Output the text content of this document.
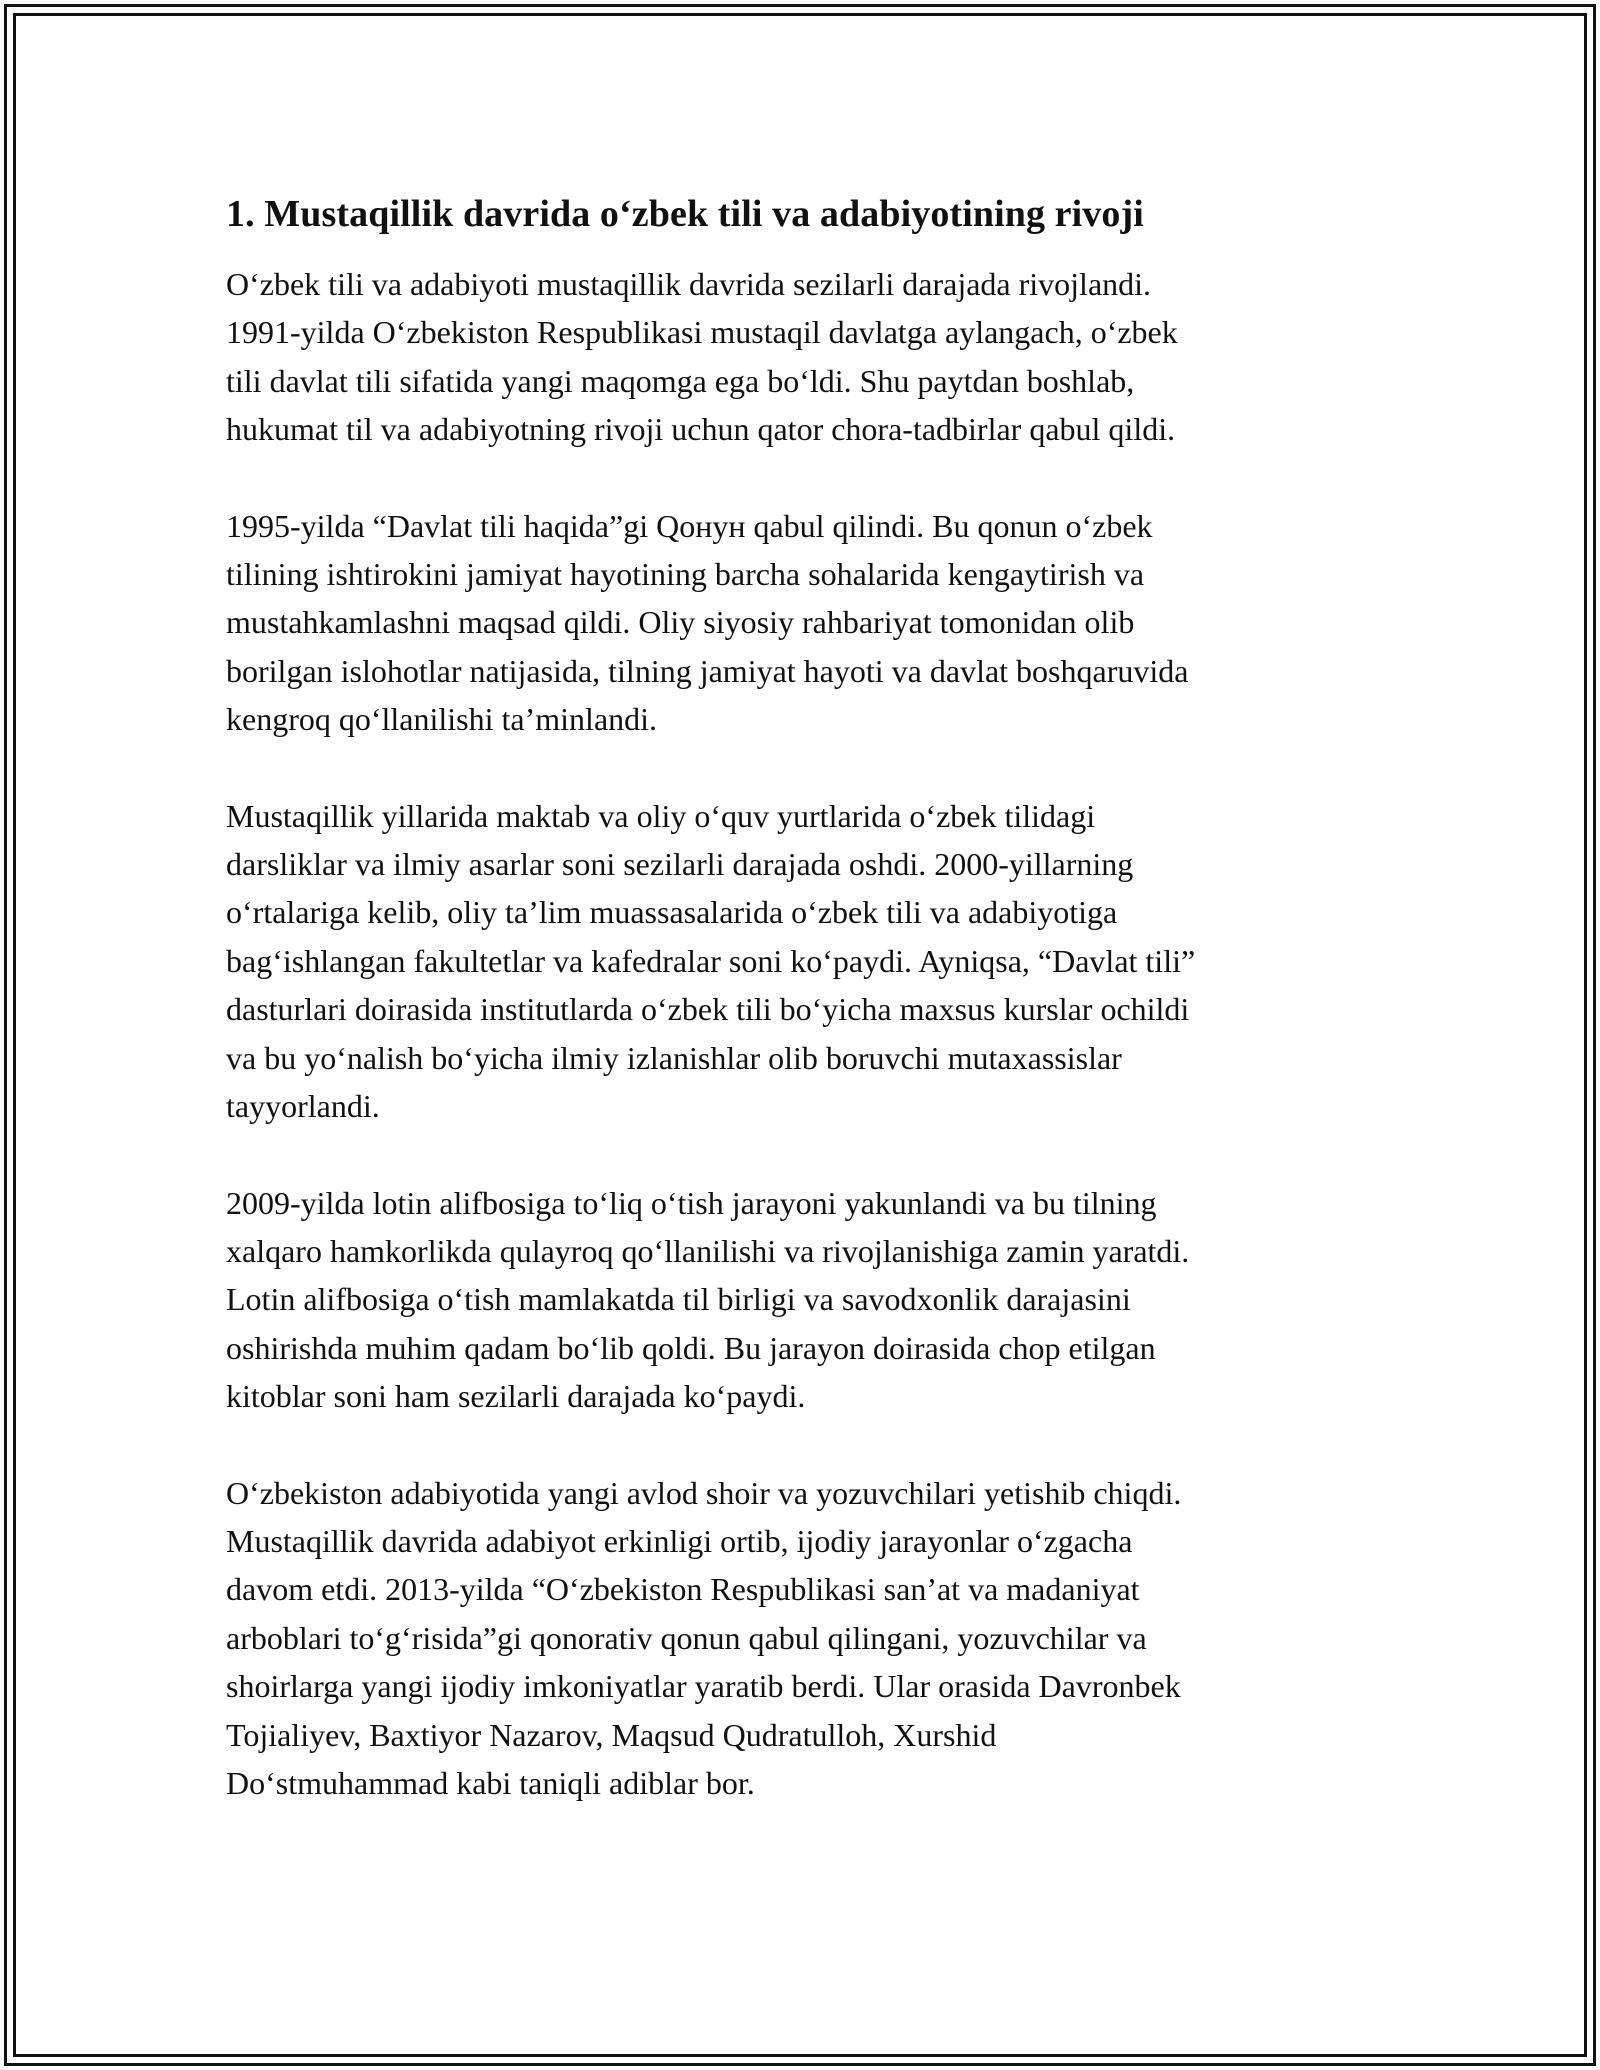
1. Mustaqillik davrida o‘zbek tili va adabiyotining rivoji
O‘zbek tili va adabiyoti mustaqillik davrida sezilarli darajada rivojlandi.
1991-yilda O‘zbekiston Respublikasi mustaqil davlatga aylangach, o‘zbek
tili davlat tili sifatida yangi maqomga ega bo‘ldi. Shu paytdan boshlab,
hukumat til va adabiyotning rivoji uchun qator chora-tadbirlar qabul qildi.
1995-yilda “Davlat tili haqida”gi Qонун qabul qilindi. Bu qonun o‘zbek
tilining ishtirokini jamiyat hayotining barcha sohalarida kengaytirish va
mustahkamlashni maqsad qildi. Oliy siyosiy rahbariyat tomonidan olib
borilgan islohotlar natijasida, tilning jamiyat hayoti va davlat boshqaruvida
kengroq qo‘llanilishi ta’minlandi.
Mustaqillik yillarida maktab va oliy o‘quv yurtlarida o‘zbek tilidagi
darsliklar va ilmiy asarlar soni sezilarli darajada oshdi. 2000-yillarning
o‘rtalariga kelib, oliy ta’lim muassasalarida o‘zbek tili va adabiyotiga
bag‘ishlangan fakultetlar va kafedralar soni ko‘paydi. Ayniqsa, “Davlat tili”
dasturlari doirasida institutlarda o‘zbek tili bo‘yicha maxsus kurslar ochildi
va bu yo‘nalish bo‘yicha ilmiy izlanishlar olib boruvchi mutaxassislar
tayyorlandi.
2009-yilda lotin alifbosiga to‘liq o‘tish jarayoni yakunlandi va bu tilning
xalqaro hamkorlikda qulayroq qo‘llanilishi va rivojlanishiga zamin yaratdi.
Lotin alifbosiga o‘tish mamlakatda til birligi va savodxonlik darajasini
oshirishda muhim qadam bo‘lib qoldi. Bu jarayon doirasida chop etilgan
kitoblar soni ham sezilarli darajada ko‘paydi.
O‘zbekiston adabiyotida yangi avlod shoir va yozuvchilari yetishib chiqdi.
Mustaqillik davrida adabiyot erkinligi ortib, ijodiy jarayonlar o‘zgacha
davom etdi. 2013-yilda “O‘zbekiston Respublikasi san’at va madaniyat
arboblari to‘g‘risida”gi qonorativ qonun qabul qilingani, yozuvchilar va
shoirlarga yangi ijodiy imkoniyatlar yaratib berdi. Ular orasida Davronbek
Tojialiyev, Baxtiyor Nazarov, Maqsud Qudratulloh, Xurshid
Do‘stmuhammad kabi taniqli adiblar bor.
